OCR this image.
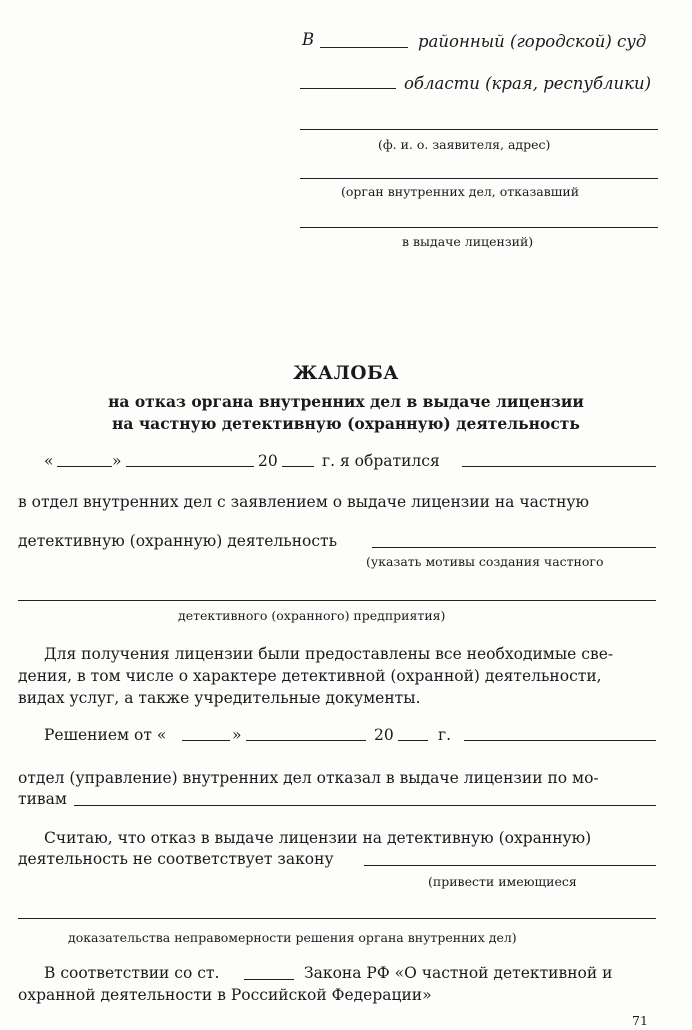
В	районный (городской) суд
области (края, республики)
(ф. и. о. заявителя, адрес)
(орган внутренних дел, отказавший
в выдаче лицензий)
ЖАЛОБА
на отказ органа внутренних дел в выдаче лицензии
на частную детективную (охранную) деятельность
«	»	20	г. я обратился
в отдел внутренних дел с заявлением о выдаче лицензии на частную
детективную (охранную) деятельность
(указать мотивы создания частного
детективного (охранного) предприятия)
Для получения лицензии были предоставлены все необходимые све-
дения, в том числе о характере детективной (охранной) деятельности,
видах услуг, а также учредительные документы.
Решением от «	»	20	г.
отдел (управление) внутренних дел отказал в выдаче лицензии по мо-
тивам
Считаю, что отказ в выдаче лицензии на детективную (охранную)
деятельность не соответствует закону
(привести имеющиеся
доказательства неправомерности решения органа внутренних дел)
В соответствии со ст.	Закона РФ «О частной детективной и
охранной деятельности в Российской Федерации»
71
